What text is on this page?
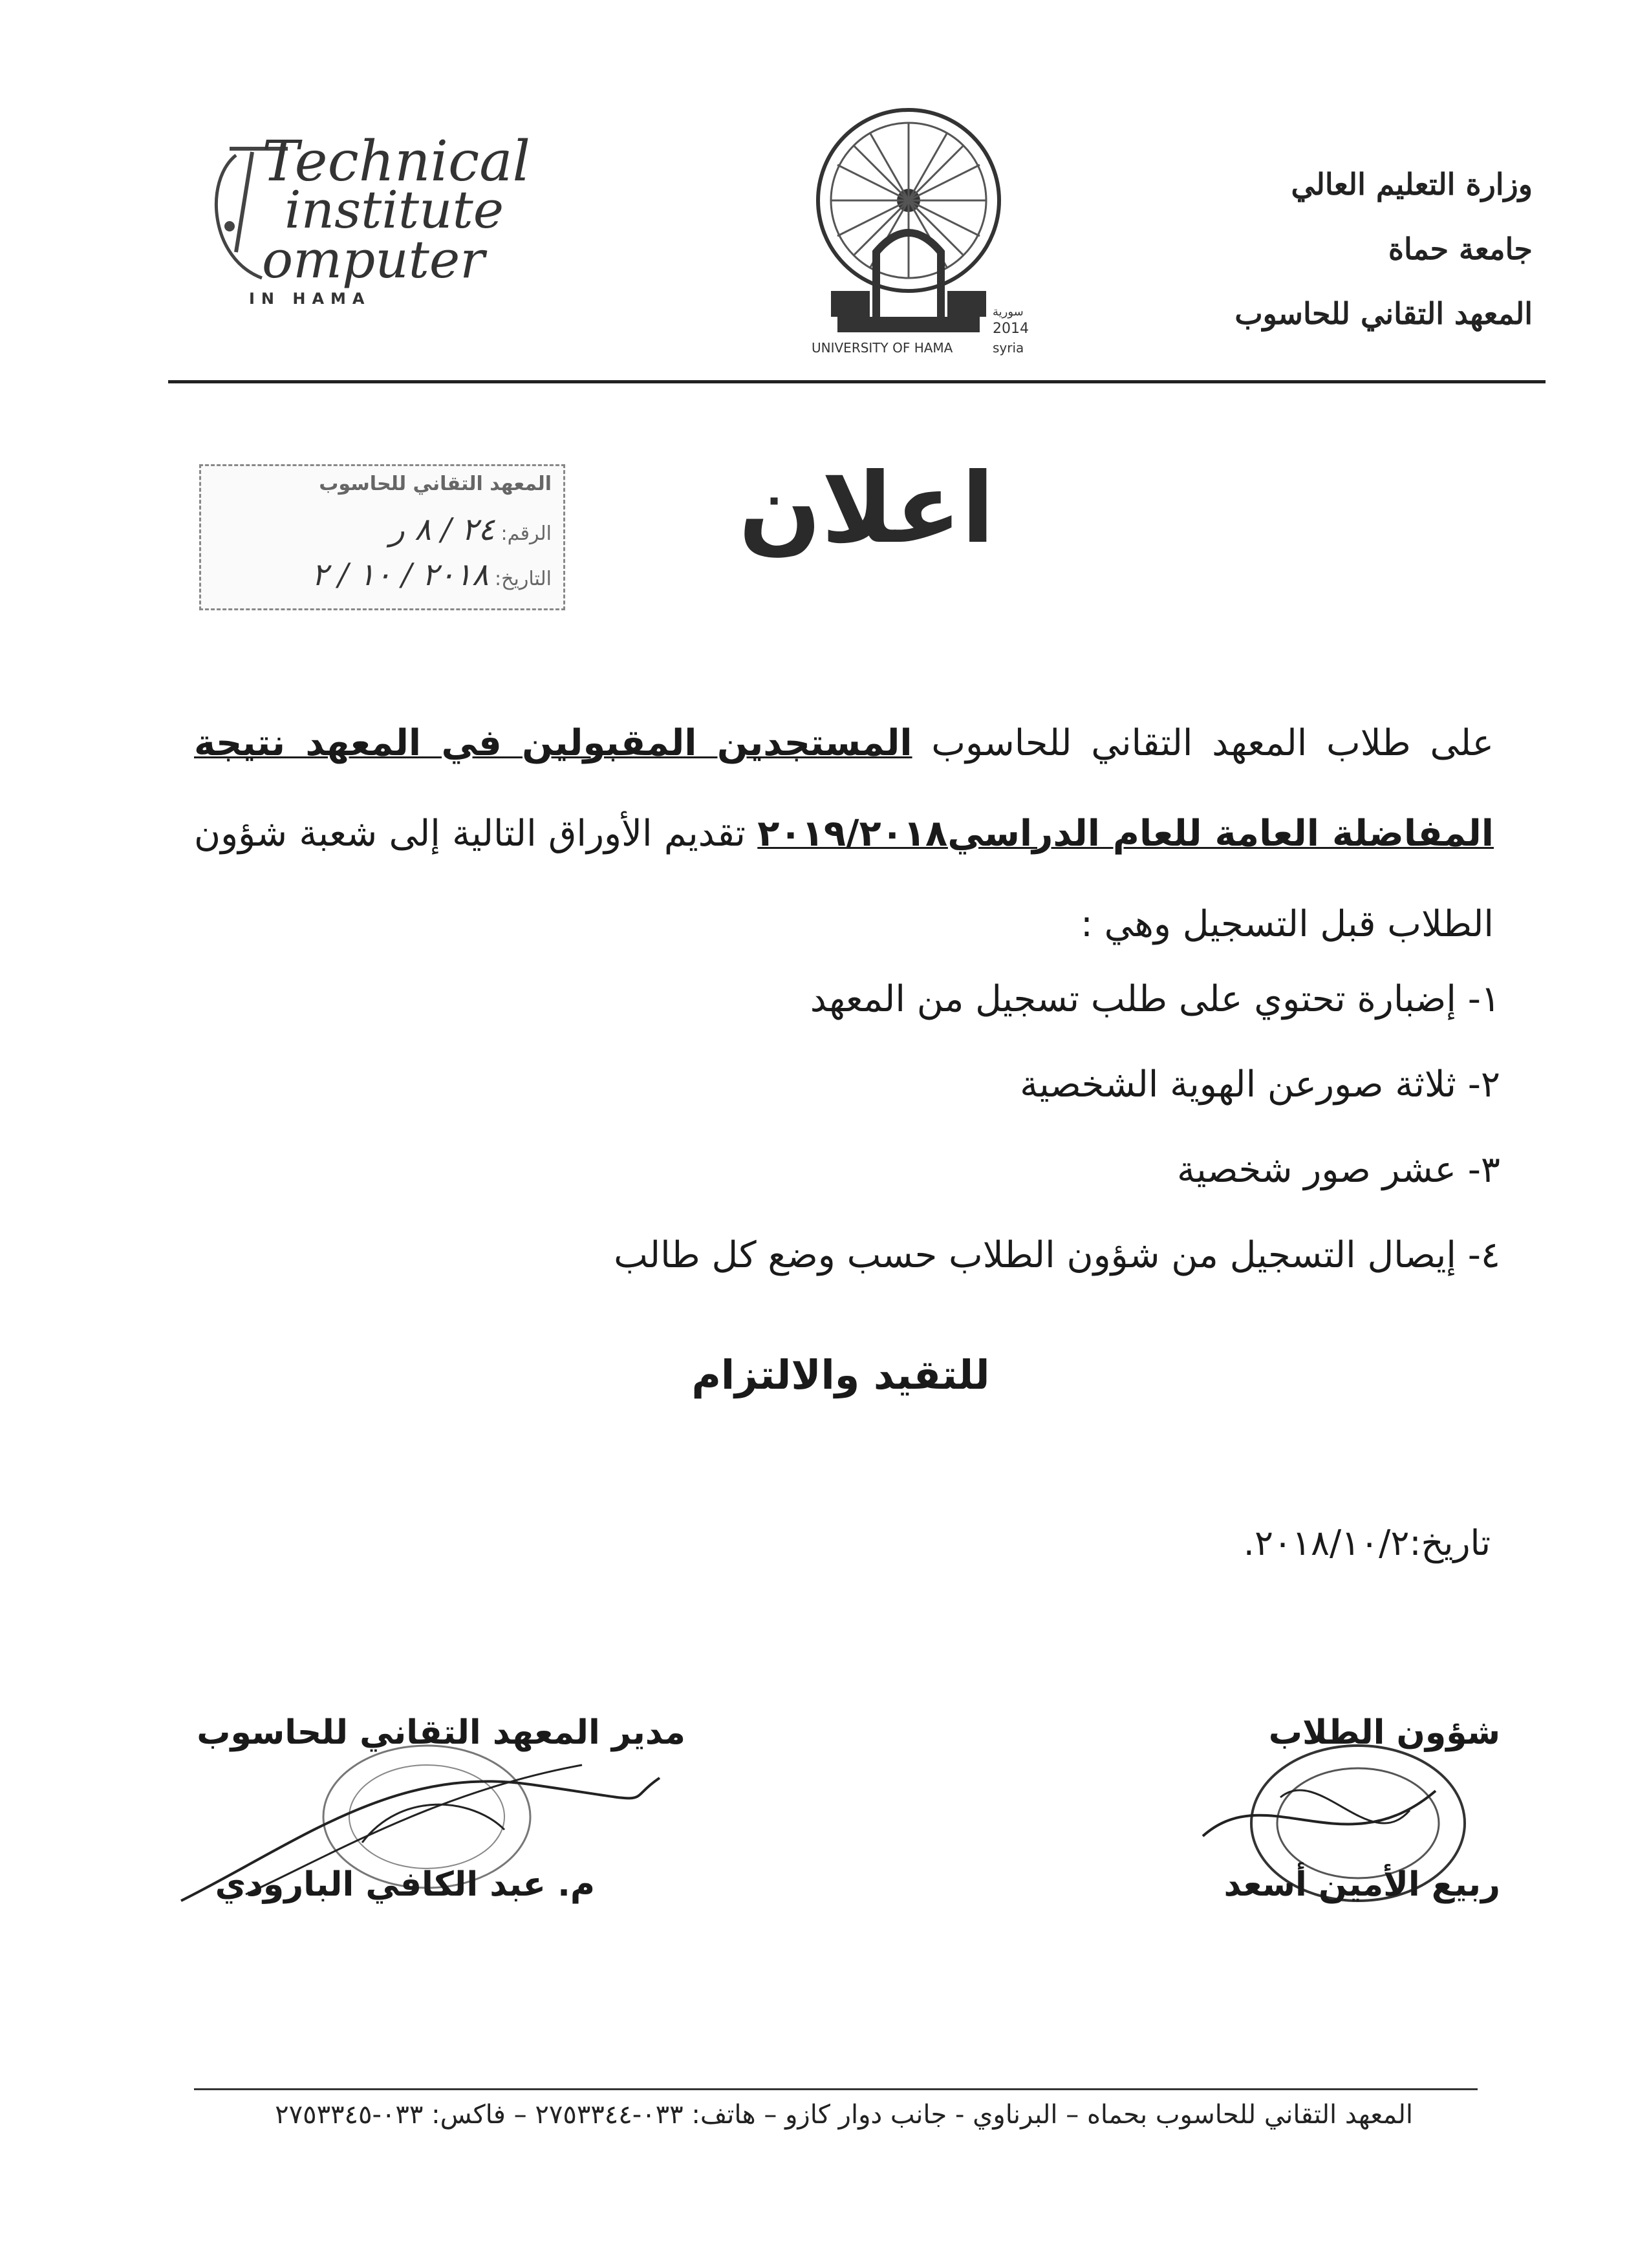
Technical
institute
omputer
IN HAMA
UNIVERSITY OF HAMA
2014
سورية
syria
وزارة التعليم العالي
جامعة حماة
المعهد التقاني للحاسوب
المعهد التقاني للحاسوب
الرقم: ٢٤ / ٨ ر
التاريخ: ٢٠١٨ / ١٠ / ٢
اعلان
على طلاب المعهد التقاني للحاسوب المستجدين المقبولين في المعهد نتيجة المفاضلة العامة للعام الدراسي٢٠١٩/٢٠١٨ تقديم الأوراق التالية إلى شعبة شؤون الطلاب قبل التسجيل وهي :
١- إضبارة تحتوي على طلب تسجيل من المعهد
٢- ثلاثة صورعن الهوية الشخصية
٣- عشر صور شخصية
٤- إيصال التسجيل من شؤون الطلاب حسب وضع كل طالب
للتقيد والالتزام
تاريخ:٢٠١٨/١٠/٢.
مدير المعهد التقاني للحاسوب
م. عبد الكافي البارودي
شؤون الطلاب
ربيع الأمين أسعد
المعهد التقاني للحاسوب بحماه – البرناوي - جانب دوار كازو – هاتف: ٠٣٣-٢٧٥٣٣٤٤ – فاكس: ٠٣٣-٢٧٥٣٣٤٥
